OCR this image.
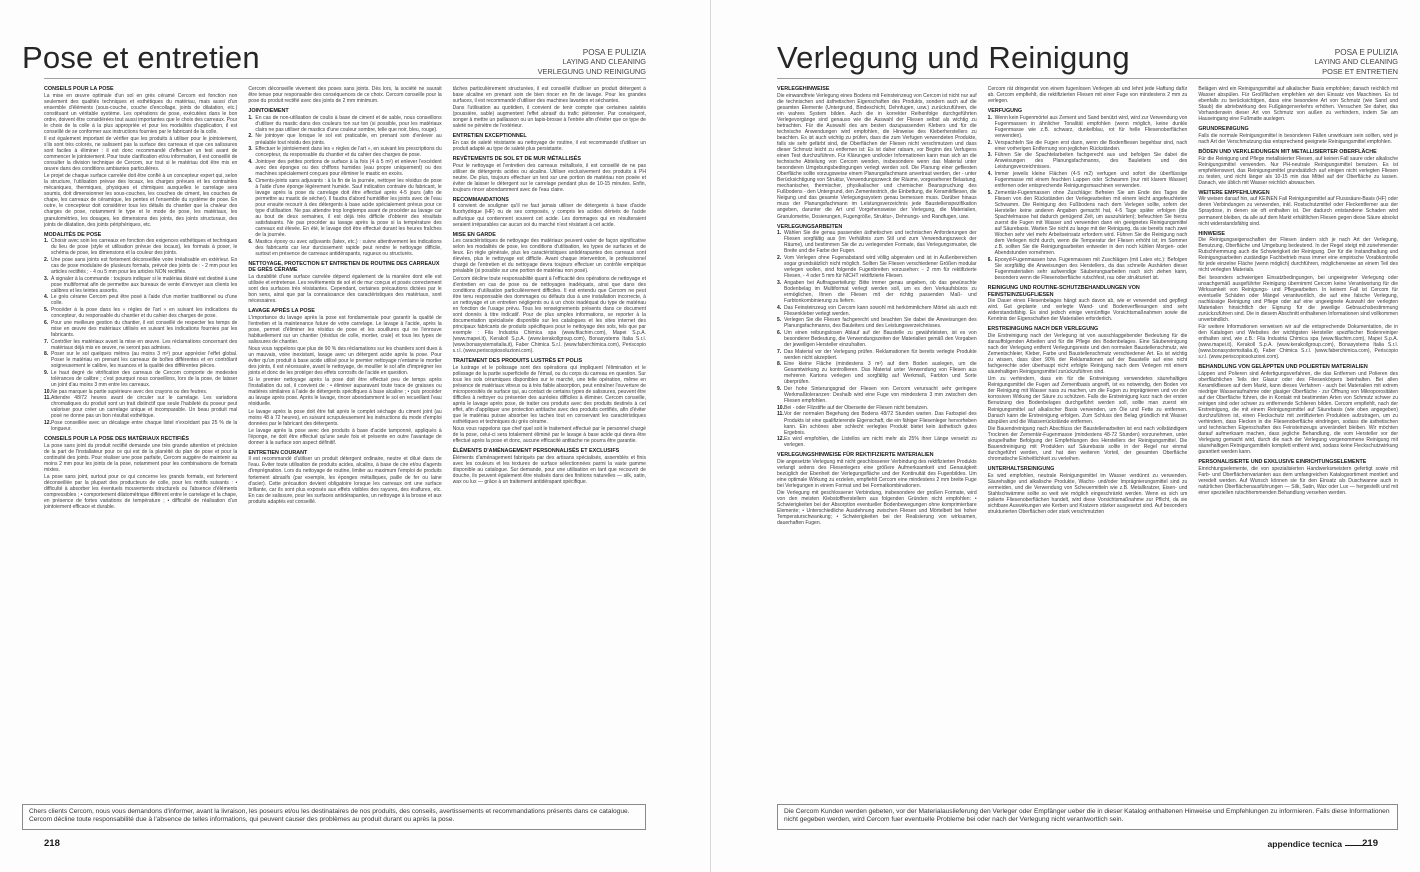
Pose et entretien	POSA E PULIZIA
LAYING AND CLEANING
VERLEGUNG UND REINIGUNG
CONSEILS POUR LA POSE

La mise en œuvre optimale d'un sol en grès céramé Cercom est fonction non seulement des qualités techniques et esthétiques du matériau, mais aussi d'un ensemble d'éléments (sous-couche, couche d'encollage, joints de dilatation, etc.) constituant un véritable système. Les opérations de pose, exécutées dans le bon ordre, doivent être considérées tout aussi importantes que le choix des carreaux. Pour le choix de la colle à la plus appropriée et pour les modalités d'application, il est conseillé de se conformer aux instructions fournies par le fabricant de la colle.

Il est également important de vérifier que les produits à utiliser pour le jointoiement, s'ils sont très colorés, ne salissent pas la surface des carreaux et que ces salissures sont faciles à éliminer : il est donc recommandé d'effectuer un test avant de commencer le jointoiement. Pour toute clarification et/ou information, il est conseillé de consulter la division technique de Cercom, sur tout si le matériau doit être mis en œuvre dans des conditions ambiantes particulières.

Le projet de chaque surface carrelée doit être confié à un concepteur expert qui, selon la structure, l'utilisation prévue des locaux, les charges prévues et les contraintes mécaniques, thermiques, physiques et chimiques auxquelles le carrelage sera soumis, doit dimensionner les sous-couches, les couches de ciment, les couches de chape, les carreaux de céramique, les pentes et l'ensemble du système de pose. En outre, le concepteur doit considérer tous les détails du chantier que la chaleur des charges de pose, notamment le type et le mode de pose, les matériaux, les granulométries, les dosages, les dimensions des joints, des joints structuraux, des joints de dilatation, des joints périphériques, etc.

MODALITÉS DE POSE
1. Choisir avec soin les carreaux en fonction des exigences esthétiques et techniques du lieu de pose (style et utilisation prévue des locaux), les formats à poser, le schéma de pose, les dimensions et la couleur des joints.
2. Une pose sans joints est fortement déconseillée voire irréalisable en extérieur. En cas de pose modulaire de plusieurs formats, prévoir des joints de : - 2 mm pour les articles rectifiés ; - 4 ou 5 mm pour les articles NON rectifiés.
3. À signaler à la commande : toujours indiquer si le matériau désiré est destiné à une pose multiformat afin de permettre aux bureaux de vente d'envoyer aux clients les calibres et les teintes assortis.
4. Le grès cérame Cercom peut être posé à l'aide d'un mortier traditionnel ou d'une colle.
5. Procéder à la pose dans les « règles de l'art » en suivant les indications du concepteur, du responsable du chantier et du cahier des charges de pose.
6. Pour une meilleure gestion du chantier, il est conseillé de respecter les temps de mise en œuvre des matériaux utilisés en suivant les indications fournies par les fabricants.
7. Contrôler les matériaux avant la mise en œuvre. Les réclamations concernant des matériaux déjà mis en œuvre, ne seront pas admises.
8. Poser sur le sol quelques mètres (au moins 3 m²) pour apprécier l'effet global. Poser le matériau en prenant les carreaux de boîtes différentes et en contrôlant soigneusement le calibre, les nuances et la qualité des différentes pièces.
9. Le haut degré de vitrification des carreaux de Cercom comporte de modestes tolérances de calibre ; c'est pourquoi nous conseillons, lors de la pose, de laisser un joint d'au moins 3 mm entre les carreaux.
10. Ne pas marquer la partie supérieure avec des crayons ou des feutres.
11. Attendre 48/72 heures avant de circuler sur le carrelage. Les variations chromatiques du produit sont un trait distinctif que seule l'habileté du poseur peut valoriser pour créer un carrelage unique et incomparable. Un beau produit mal posé ne donne pas un bon résultat esthétique.
12. Pose conseillée avec un décalage entre chaque listel n'excédant pas 25 % de la longueur.
CONSEILS POUR LA POSE DES MATÉRIAUX RECTIFIÉS

La pose sans joint du produit rectifié demande une très grande attention et précision de la part de l'installateur pour ce qui est de la planéité du plan de pose et pour la continuité des joints. Pour réaliser une pose parfaite, Cercom suggère de maintenir au moins 2 mm pour les joints de la pose, notamment pour les combinaisons de formats mixtes.

La pose sans joint, surtout pour ce qui concerne les grands formats, est fortement déconseillée par la plupart des producteurs de colle, pour les motifs suivants : • difficulté à absorber les éventuels mouvements structurels ou l'absence d'éléments compressibles ; • comportement dilatométrique différent entre le carrelage et la chape, en présence de fortes variations de température ; • difficulté de réalisation d'un jointoiement efficace et durable.

Cercom déconseille vivement des poses sans joints. Dès lors, la société ne saurait être tenue pour responsable des conséquences de ce choix. Cercom conseille pour la pose du produit rectifié avec des joints de 2 mm minimum.

JOINTOIEMENT
1. En cas de non-utilisation de coulis à base de ciment et de sable, nous conseillons d'utiliser du mastic dans des couleurs ton sur ton (si possible, pour les matériaux clairs ne pas utiliser de mastics d'une couleur sombre, telle que noir, bleu, rouge).
2. Ne jointoyer que lorsque le sol est praticable, en prenant soin d'enlever au préalable tout résidu des joints.
3. Effectuer le jointoiement dans les « règles de l'art », en suivant les prescriptions du concepteur, du responsable du chantier et du cahier des charges de pose.
4. Jointoyer des petites portions de surface à la fois (4 à 5 m²) et enlever l'excédent avec des éponges ou des chiffons humides (eau propre uniquement) ou des machines spécialement conçues pour éliminer le mastic en excès.
5. Ciments-joints sans adjuvants : à la fin de la journée, nettoyer les résidus de pose à l'aide d'une éponge légèrement humide. Sauf indication contraire du fabricant, le lavage après la pose du carrelage doit être effectué après 4-5 jours (afin de permettre au mastic de sécher). Il faudra d'abord humidifier les joints avec de l'eau pour ensuite recourir à des détergents à base acide spécialement prévus pour ce type d'utilisation. Ne pas attendre trop longtemps avant de procéder au lavage car au bout de deux semaines, il est déjà très difficile d'obtenir des résultats satisfaisants. Ne pas procéder au lavage après la pose si la température des carreaux est élevée. En été, le lavage doit être effectué durant les heures fraîches de la journée.
6. Mastics époxy ou avec adjuvants (latex, etc.) : suivre attentivement les indications des fabricants car leur durcissement rapide peut rendre le nettoyage difficile, surtout en présence de carreaux antidérapants, rugueux ou structurés.
NETTOYAGE, PROTECTION ET ENTRETIEN DE ROUTINE DES CARREAUX DE GRÈS CÉRAME

La durabilité d'une surface carrelée dépend également de la manière dont elle est utilisée et entretenue. Les revêtements de sol et de mur conçus et posés correctement sont des surfaces très résistantes. Cependant, certaines précautions dictées par le bon sens, ainsi que par la connaissance des caractéristiques des matériaux, sont nécessaires.

LAVAGE APRÈS LA POSE

L'importance du lavage après la pose est fondamentale pour garantir la qualité de l'entretien et la maintenance future de votre carrelage. Le lavage à l'acide, après la pose, permet d'éliminer les résidus de pose et les souillures qui ne l'enrouve habituellement sur un chantier (résidus de colle, mortier, craie) et tous les types de salissures de chantier.

Nous vous rappelons que plus de 90 % des réclamations sur les chantiers sont dues à un mauvais, voire inexistant, lavage avec un détergent acide après la pose. Pour éviter qu'un produit à base acide utilisé pour le premier nettoyage n'entame le mortier des joints, il est nécessaire, avant le nettoyage, de mouiller le sol afin d'imprégner les joints et donc de les protéger des effets corrosifs de l'acide en question.

Si le premier nettoyage après la pose doit être effectué peu de temps après l'installation du sol, il convient de : • éliminer auparavant toute trace de graisses ou matières similaires à l'aide de détergents spécifiques à base alcaline ; • puis procéder au lavage après pose. Après le lavage, rincer abondamment le sol en recueillant l'eau résiduelle.

Le lavage après la pose doit être fait après le complet séchage du ciment joint (au moins 48 à 72 heures), en suivant scrupuleusement les instructions du mode d'emploi données par le fabricant des détergents.

Le lavage après la pose avec des produits à base d'acide tamponné, appliqués à l'éponge, ne doit être effectué qu'une seule fois et présente en outre l'avantage de donner à la surface son aspect définitif.

ENTRETIEN COURANT

Il est recommandé d'utiliser un produit détergent ordinaire, neutre et dilué dans de l'eau. Éviter toute utilisation de produits acides, alcalins, à base de cire et/ou d'agents d'imprégnation. Lors du nettoyage de routine, limiter au maximum l'emploi de produits fortement abrasifs (par exemple, les éponges métalliques, paille de fer ou laine d'acier). Cette précaution devient obligatoire lorsque les carreaux ont une surface brillante, car ils sont plus exposés aux effets visibles des rayures, des éraflures, etc. En cas de salissure, pour les surfaces antidérapantes, un nettoyage à la brosse et aux produits adaptés est conseillé.

tâches particulièrement structurées, il est conseillé d'utiliser un produit détergent à base alcaline en prenant soin de bien rincer en fin de lavage. Pour les grandes surfaces, il est recommandé d'utiliser des machines lavantes et séchantes.

Dans l'utilisation au quotidien, il convient de tenir compte que certaines saletés (poussière, sable) augmentent l'effet abrasif du trafic piétonnier. Par conséquent, songer à mettre un paillasson ou un tapis-brosse à l'entrée afin d'éviter que ce type de saleté ne pénètre de l'extérieur.

ENTRETIEN EXCEPTIONNEL

En cas de saleté résistante au nettoyage de routine, il est recommandé d'utiliser un produit adapté au type de saleté plus persistante.

REVÊTEMENTS DE SOL ET DE MUR MÉTALLISÉS

Pour le nettoyage et l'entretien des carreaux métallisés, il est conseillé de ne pas utiliser de détergents acides ou alcalins. Utiliser exclusivement des produits à PH neutre. De plus, toujours effectuer un test sur une portion de matériau non posée et éviter de laisser le détergent sur le carrelage pendant plus de 10-15 minutes. Enfin, toujours rincer abondamment avec de l'eau claire.

RECOMMANDATIONS

Il convient de souligner qu'il ne faut jamais utiliser de détergents à base d'acide fluorhydrique (HF) ou de ses composés, y compris les acides dérivés de l'acide sulfurique qui contiennent souvent cet acide. Les dommages qui en résulteraient seraient irréparables car aucun soi du marché n'est résistant à cet acide.

MISE EN GARDE

Les caractéristiques de nettoyage des matériaux peuvent varier de façon significative selon les modalités de pose, les conditions d'utilisation, les types de surfaces et de lieux. En règle générale, plus les caractéristiques antidérapantes des carreaux sont élevées, plus le nettoyage est difficile. Avant chaque intervention, le professionnel chargé de l'entretien et du nettoyage devra toujours effectuer un contrôle empirique préalable (si possible sur une portion de matériau non posé).

Cercom décline toute responsabilité quant à l'efficacité des opérations de nettoyage et d'entretien en cas de pose ou de nettoyages inadéquats, ainsi que dans des conditions d'utilisation particulièrement difficiles. Il est entendu que Cercom ne peut être tenu responsable des dommages ou défauts dus à une installation incorrecte, à un nettoyage et un entretien négligents ou à un choix inadéquat du type de matériau en fonction de l'usage prévu. Tous les renseignements présents dans ce document sont donnés à titre indicatif. Pour de plus amples informations, se reporter à la documentation spécialisée disponible sur les catalogues et les sites internet des principaux fabricants de produits spécifiques pour le nettoyage des sols, tels que par exemple : Fila Industria Chimica spa (www.filachim.com), Mapei S.p.A. (www.mapei.it), Kerakoll S.p.A. (www.kerakollgroup.com), Bonasystems Italia S.r.l. (www.bonasystemsitalia.it), Faber Chimica S.r.l. (www.faberchimica.com), Periscopio s.r.l. (www.periscopiosoluzioni.com).

TRAITEMENT DES PRODUITS LUSTRÉS ET POLIS

Le lustrage et le polissage sont des opérations qui impliquent l'élimination et le polissage de la partie superficielle de l'émail, ou du corps du carreau en question. Sur tous les sols céramiques disponibles sur le marché, une telle opération, même en présence de matériaux vitreux ou à très faible absorption, peut entraîner l'ouverture de microporosités de surface qui, au contact de certains types de salissures, peuvent être difficiles à nettoyer ou présenter des auréoles difficiles à éliminer. Cercom conseille, après le lavage après pose, de traiter ces produits avec des produits destinés à cet effet, afin d'appliquer une protection antitache avec des produits certifiés, afin d'éviter que le matériau puisse absorber les taches tout en conservant les caractéristiques esthétiques et techniques du grès cérame.

Nous vous rappelons que chef quel soit le traitement effectué par le personnel chargé de la pose, celui-ci sera totalement éliminé par le lavage à base acide qui devra être effectué après la pose et donc, aucune efficacité antitache ne pourra être garantie.

ÉLÉMENTS D'AMÉNAGEMENT PERSONNALISÉS ET EXCLUSIFS

Éléments d'aménagement fabriqués par des artisans spécialisés, assemblés et finis avec les couleurs et les textures de surface sélectionnées parmi la vaste gamme disponible au catalogue. Sur demande, pour une utilisation en tant que recouvrir de douche, ils peuvent également être réalisés dans des finitions naturelles — silk, satin, wax ou lux — grâce à un traitement antidérapant spécifique.

Chers clients Cercom, nous vous demandons d'informer, avant la livraison, les poseurs et/ou les destinataires de nos produits, des conseils, avertissements et recommandations présents dans ce catalogue. Cercom décline toute responsabilité due à l'absence de telles informations, qui peuvent causer des problèmes au produit durant ou après la pose.
218
Verlegung und Reinigung	POSA E PULIZIA
LAYING AND CLEANING
POSE ET ENTRETIEN
VERLEGEHINWEISE

Die einwandfreie Verlegung eines Bodens mit Feinsteinzeug von Cercom ist nicht nur auf die technischen und ästhetischen Eigenschaften des Produkts, sondern auch auf die gesamten Elemente (Untergrund, Bindeschicht, Dehnfugen, usw.) zurückzuführen, die ein wahres System bilden. Auch die in korrekter Reihenfolge durchgeführten Verlegevorgänge sind genauso wie die Auswahl der Fliesen selbst als wichtig zu betrachten. Für die Auswahl des am besten dazupassenden Klebers und für die technische Anwendungen wird empfohlen, die Hinweise des Kleberherstellers zu beachten. Es ist auch wichtig zu prüfen, dass die zum Verfugen verwendeten Produkte, falls sie sehr gefärbt sind, die Oberflächen der Fliesen nicht verschmutzen und dass dieser Schmutz leicht zu entfernen ist: Es ist daher ratsam, vor Beginn des Verfugens einen Test durchzuführen. Für Klärungen und/oder Informationen kann man sich an die technische Abteilung von Cercom wenden, insbesondere wenn das Material unter besonderen Umgebungsbedingungen verlegt werden soll. Die Planung einer gefliesten Oberfläche sollte vorzugsweise einem Planungsfachmann anvertraut werden, der - unter Berücksichtigung von Struktur, Verwendungszweck der Räume, vorgesehener Belastung, mechanischer, thermischer, physikalischer und chemischer Beanspruchung des Fußbodens - den Untergrund, den Zementestrich, die Einbettung, die Keramikfliesen, die Neigung und das gesamte Verlegungssystem genau bemessen muss. Darüber hinaus muss der Planungsfachmann im Leistungsverzeichnis jede Baustellenspezifikation angeben, darunter die Art und Vorgehensweise der Verlegung, die Materialien, Granulometrie, Dosierungen, Fugengröße, Struktur-, Dehnungs- und Randfugen, usw.

VERLEGUNGSARBEITEN
1. Wählen Sie die genau passenden ästhetischen und technischen Anforderungen der Fliesen sorgfältig aus (im Verhältnis zum Stil und zum Verwendungszweck der Räume), und bestimmen Sie die zu verlegenden Formate, das Verlegungsmuster, die Breite und die Farbe der Fugen.
2. Vom Verlegen ohne Fugenabstand wird völlig abgeraten und ist in Außenbereichen sogar grundsätzlich nicht möglich. Sollten Sie Fliesen verschiedener Größen modular verlegen wollen, sind folgende Fugenbreiten vorzusehen: - 2 mm für rektifizierte Fliesen, - 4 oder 5 mm für NICHT rektifizierte Fliesen.
3. Angaben bei Auftragserteilung: Bitte immer genau angeben, ob das gewünschte Bodenbelag im Multiformat verlegt werden soll, um es den Verkaufsbüros zu ermöglichen, Ihnen die Fliesen mit der richtig passenden Maß- und Farbtonkombinierung zu liefern.
4. Das Feinsteinzeug von Cercom kann sowohl mit herkömmlichem Mörtel als auch mit Fliesenkleber verlegt werden.
5. Verlegen Sie die Fliesen fachgerecht und beachten Sie dabei die Anweisungen des Planungsfachmanns, des Bauleiters und des Leistungsverzeichnisses.
6. Um einen reibungslosen Ablauf auf der Baustelle zu gewährleisten, ist es von besonderer Bedeutung, die Verwendungszeiten der Materialien gemäß den Vorgaben der jeweiligen Hersteller einzuhalten.
7. Das Material vor der Verlegung prüfen. Reklamationen für bereits verlegte Produkte werden nicht akzeptiert.
8. Eine kleine Fläche (mindestens 3 m²) auf dem Boden auslegen, um die Gesamtwirkung zu kontrollieren. Das Material unter Verwendung von Fliesen aus mehreren Kartons verlegen und sorgfältig auf Werkmaß, Farbton und Sorte überprüfen.
9. Der hohe Sinterungsgrad der Fliesen von Cercom verursacht sehr geringere Werkmaßtoleranzen: Deshalb wird eine Fuge von mindestens 3 mm zwischen den Fliesen empfohlen.
10. Bei - oder Filzstifte auf der Oberseite der Fliesen nicht benutzen.
11. Vor der normalen Begehung des Bodens 48/72 Stunden warten. Das Farbspiel des Produkts ist eine qualifizierende Eigenschaft, die ein fähiger Fliesenleger hervorheben kann. Ein schönes aber schlecht verlegtes Produkt bietet kein ästhetisch gutes Ergebnis.
12. Es wird empfohlen, die Listellos um nicht mehr als 25% ihrer Länge versetzt zu verlegen.
VERLEGUNGSHINWEISE FÜR REKTIFIZIERTE MATERIALIEN

Die angesetzte Verlegung mit nicht geschlossener Verbindung des rektifizierten Produkts verlangt seitens des Fliesenlegers eine größere Aufmerksamkeit und Genauigkeit bezüglich der Ebenheit der Verlegungsfläche und der Kontinuität des Fugenbildes. Um eine optimale Wirkung zu erzielen, empfiehlt Cercom eine mindestens 2 mm breite Fuge bei Verlegungen in einem Format und bei Formatkombinationen.

Die Verlegung mit geschlossener Verbindung, insbesondere der großen Formate, wird von den meisten Klebstoffherstellern aus folgenden Gründen nicht empfohlen: • Schwierigkeiten bei der Absorption eventueller Bodenbewegungen ohne komprimierbare Elemente; • Unterschiedliche Ausdehnung zwischen Fliesen und Mörtelbett bei hoher Temperaturschwankung; • Schwierigkeiten bei der Realisierung von wirksamen, dauerhaften Fugen.

Cercom rät dringendst von einem fugenlosen Verlegen ab und lehnt jede Haftung dafür ab. Cercom empfiehlt, die rektifizierten Fliesen mit einer Fuge von mindestens 2 mm zu verlegen.

VERFUGUNG
1. Wenn kein Fugenmörtel aus Zement und Sand benützt wird, wird zur Verwendung von Fugenmassen in ähnlicher Tonalität empfohlen (wenn möglich, keine dunkle Fugenmasse wie z.B. schwarz, dunkelblau, rot für helle Fliesenoberflächen verwenden).
2. Verspachteln Sie die Fugen erst dann, wenn die Bodenfliesen begehbar sind, nach einer vorherigen Entfernung von jeglichen Rückständen.
3. Führen Sie die Spachtelarbeiten fachgerecht aus und befolgen Sie dabei die Anweisungen des Planungsfachmanns, des Bauleiters und des Leistungsverzeichnisses.
4. Immer jeweils kleine Flächen (4-5 m2) verfugen und sofort die überflüssige Fugenmasse mit einem feuchten Lappen oder Schwamm (nur mit klarem Wasser) entfernen oder entsprechende Reinigungsmaschinen verwenden.
5. Zementär-Fugenmassen ohne Zuschläge: Befreien Sie am Ende des Tages die Fliesen von den Rückständen der Verlegearbeiten mit einem leicht angefeuchteten Schwamm. Die Reinigung des Fußbodens nach dem Verlegen sollte, sofern der Hersteller keine anderen Angaben gemacht hat, 4-5 Tage später erfolgen (die Spachtelmasse hat dadurch genügend Zeit, um auszuhärten); befeuchten Sie hierzu zuerst die Fugen mit Wasser und verwenden dann ein geeignetes Reinigungsmittel auf Säurebasis. Warten Sie nicht zu lange mit der Reinigung, da sie bereits nach zwei Wochen sehr viel mehr Arbeitseinsatz erfordern wird. Führen Sie die Reinigung nach dem Verlegen nicht durch, wenn die Temperatur der Fliesen erhöht ist; im Sommer z.B. sollten Sie die Reinigungsarbeiten entweder in den noch kühlen Morgen- oder Abendstunden vornehmen.
6. Epoxyd-Fugenmassen bzw. Fugenmassen mit Zuschlägen (mit Latex etc.): Befolgen Sie sorgfältig die Anweisungen des Herstellers, da das schnelle Aushärten dieser Fugenmaterialien sehr aufwendige Säuberungsarbeiten nach sich ziehen kann, besonders wenn die Fliesenoberfläche rutschfest, rau oder strukturiert ist.
REINIGUNG UND ROUTINE-SCHUTZBEHANDLUNGEN VON FEINSTEINZEUGFLIESEN

Die Dauer eines Fliesenbelages hängt auch davon ab, wie er verwendet und gepflegt wird. Gut geplante und verlegte Wand- und Bodenverfliesungen sind sehr widerstandsfähig. Es sind jedoch einige vernünftige Vorsichtsmaßnahmen sowie die Kenntnis der Eigenschaften der Materialien erforderlich.

ERSTREINIGUNG NACH DER VERLEGUNG

Die Erstreinigung nach der Verlegung ist von ausschlaggebender Bedeutung für die darauffolgenden Arbeiten und für die Pflege des Bodenbelages. Eine Säubereinigung nach der Verlegung entfernt Verlegungsreste und den normalen Baustellenschmutz, wie Zementschleier, Kleber, Farbe und Baustellenschmutz verschiedener Art. Es ist wichtig zu wissen, dass über 90% der Reklamationen auf der Baustelle auf eine nicht fachgerechte oder überhaupt nicht erfolgte Reinigung nach dem Verlegen mit einem säurehaltigen Reinigungsmittel zurückzuführen sind.

Um zu verhindern, dass ein für die Erstreinigung verwendetes säurehaltiges Reinigungsmittel die Fugen auf Zementbasis angreift, ist es notwendig, den Boden vor der Reinigung mit Wasser nass zu machen, um die Fugen zu imprägnieren und vor der korrosiven Wirkung der Säure zu schützen. Falls die Erstreinigung kurz nach der ersten Benutzung des Bodenbelages durchgeführt werden soll, sollte man zuerst ein Reinigungsmittel auf alkalischer Basis verwenden, um Öle und Fette zu entfernen. Danach kann die Erstreinigung erfolgen. Zum Schluss den Belag gründlich mit Wasser abspülen und die Wasserrückstände entfernen.

Die Bauendreinigung nach Abschluss der Baustellenarbeiten ist erst nach vollständigem Trocknen der Zementär-Fugenmasse (mindestens 48-72 Stunden) vorzunehmen, unter skrupelhafter Befolgung der Empfehlungen des Herstellers der Reinigungsmittel. Die Bauendreinigung mit Produkten auf Säurebasis sollte in der Regel nur einmal durchgeführt werden, und hat den weiteren Vorteil, der gesamten Oberfläche chromatische Einheitlichkeit zu verleihen.

UNTERHALTSREINIGUNG

Es wird empfohlen, neutrale Reinigungsmittel im Wasser verdünnt zu verwenden. Säurehaltige und alkalische Produkte, Wachs- und/oder Imprägnierungsmittel sind zu vermeiden, und die Verwendung von Scheuermitteln wie z.B. Metallkratzer, Eisen- und Stahlschwämme sollte so weit wie möglich eingeschränkt werden. Wenn es sich um polierte Fliesenoberflächen handelt, wird diese Vorsichtsmaßnahme zur Pflicht, da sie sichtbare Auswirkungen wie Kerben und Kratzern stärker ausgesetzt sind. Auf besonders strukturierten Oberflächen oder stark verschmutzten

Belägen wird ein Reinigungsmittel auf alkalischer Basis empfohlen; danach reichlich mit Wasser abspülen. Für Großflächen empfehlen wir den Einsatz von Maschinen. Es ist ebenfalls zu berücksichtigen, dass eine besondere Art von Schmutz (wie Sand und Staub) die abriebwirkung des Fußgängerverkehrs erhöhen. Versuchen Sie daher, das Vorhandensein dieser Art von Schmutz von außen zu verhindern, indem Sie am Hauseingang eine Fußmatte auslegen.

GRUNDREINIGUNG

Falls die normale Reinigungsmittel in besonderen Fällen unwirksam sein sollten, wird je nach Art der Verschmutzung das entsprechend geeignete Reinigungsmittel empfohlen.

BÖDEN UND VERKLEIDUNGEN MIT METALLISIERTER OBERFLÄCHE

Für die Reinigung und Pflege metallisierter Fliesen, auf keinen Fall saure oder alkalische Reinigungsmittel verwenden. Nur PH-neutrale Reinigungsmittel benutzen. Es ist empfehlenswert, das Reinigungsmittel grundsätzlich auf einigen nicht verlegten Fliesen zu testen, und nicht länger als 10-15 min das Mittel auf der Oberfläche zu lassen. Danach, wie üblich mit Wasser reichlich abwaschen.

WEITERE EMPFEHLUNGEN

Wir weisen darauf hin, auf KEINEN Fall Reinigungsmittel auf Flusssäure-Basis (HF) oder deren Verbindungen zu verwenden, inkl. Rostschutzmittel oder Fleckentferner aus der Spraydose, in denen sie oft enthalten ist. Der dadurch entstandene Schaden wird permanent bleiben, da alle auf dem Markt erhältlichen Fliesen gegen diese Säure absolut nicht widerstandsfähig sind.

HINWEISE

Die Reinigungseigenschaften der Fliesen ändern sich je nach Art der Verlegung, Benutzung, Oberfläche und Umgebung bedeutend. In der Regel steigt mit zunehmender Rutschhemmung auch die Schwierigkeit der Reinigung. Der für die Instandhaltung und Reinigungsarbeiten zuständige Fachbetrieb muss immer eine empirische Vorabkontrolle für jede einzelne Fläche (wenn möglich) durchführen, möglicherweise an einem Teil des nicht verlegten Materials.

Bei besonders schwierigen Einsatzbedingungen, bei ungeeigneter Verlegung oder unsachgemäß ausgeführter Reinigung übernimmt Cercom keine Verantwortung für die Wirksamkeit von Reinigungs- und Pflegearbeiten. In keinem Fall ist Cercom für eventuelle Schäden oder Mängel verantwortlich, die auf eine falsche Verlegung, nachlässige Reinigung und Pflege oder auf eine ungeeignete Auswahl der verlegten Materialien hinsichtlich der Eignung für die jeweilige Gebrauchsbestimmung zurückzuführen sind. Die in diesem Abschnitt enthaltenen Informationen sind vollkommen unverbindlich.

Für weitere Informationen verweisen wir auf die entsprechende Dokumentation, die in den Katalogen und Websites der wichtigsten Hersteller spezifischer Bodenreiniger enthalten sind, wie z.B.: Fila Industria Chimica spa (www.filachim.com), Mapei S.p.A. (www.mapei.it), Kerakoll S.p.A. (www.kerakollgroup.com), Bonasystems Italia S.r.l. (www.bonasystemsitalia.it), Faber Chimica S.r.l. (www.faberchimica.com), Periscopio s.r.l. (www.periscopiosoluzioni.com).

BEHANDLUNG VON GELÄPPTEN UND POLIERTEN MATERIALIEN

Läppen und Polieren sind Anfertigungsverfahren, die das Entfernen und Polieren des oberflächlichen Teils der Glasur oder des Fliesenkörpers beinhalten. Bei allen Keramikfliesen auf dem Markt, kann dieses Verfahren - auch bei Materialien mit extrem niedriger Wasseraufnahme oder glasiger Oberfläche - zur Öffnung von Mikroporositäten auf der Oberfläche führen, die in Kontakt mit bestimmten Arten von Schmutz schwer zu reinigen sind oder schwer zu entfernende Schlieren bilden. Cercom empfiehlt, nach der Erstreinigung, die mit einem Reinigungsmittel auf Säurebasis (wie oben angegeben) durchzuführen ist, einen Fleckschutz mit zertifizierten Produkten aufzutragen, um zu verhindern, dass Flecken in die Fliesenoberfläche eindringen, sodass die ästhetischen und technischen Eigenschaften des Feinsteinzeugs unverändert bleiben. Wir möchten darauf aufmerksam machen, dass jegliche Behandlung, die vom Hersteller vor der Verlegung gemacht wird, durch die nach der Verlegung vorgenommene Reinigung mit säurehaltigen Reinigungsmitteln komplett entfernt wird, sodass keine Fleckschutzwirkung garantiert werden kann.

PERSONALISIERTE UND EXKLUSIVE EINRICHTUNGSELEMENTE

Einrichtungselemente, die von spezialisierten Handwerksmeistern gefertigt sowie mit Farb- und Oberflächenvarianten aus dem umfangreichen Katalogsortiment montiert und veredelt werden. Auf Wunsch können sie für den Einsatz als Duschwanne auch in natürlichen Oberflächenausführungen — Silk, Satin, Wax oder Lux — hergestellt und mit einer speziellen rutschhemmenden Behandlung versehen werden.

Die Cercom Kunden werden gebeten, vor der Materialauslieferung den Verleger oder Empfänger ueber die in dieser Katalog enthaltenen Hinweise und Empfehlungen zu informieren. Falls diese Informationen nicht gegeben werden, wird Cercom fuer eventuelle Probleme bei oder nach der Verlegung nicht verantwortlich sein.
appendice tecnica 219
